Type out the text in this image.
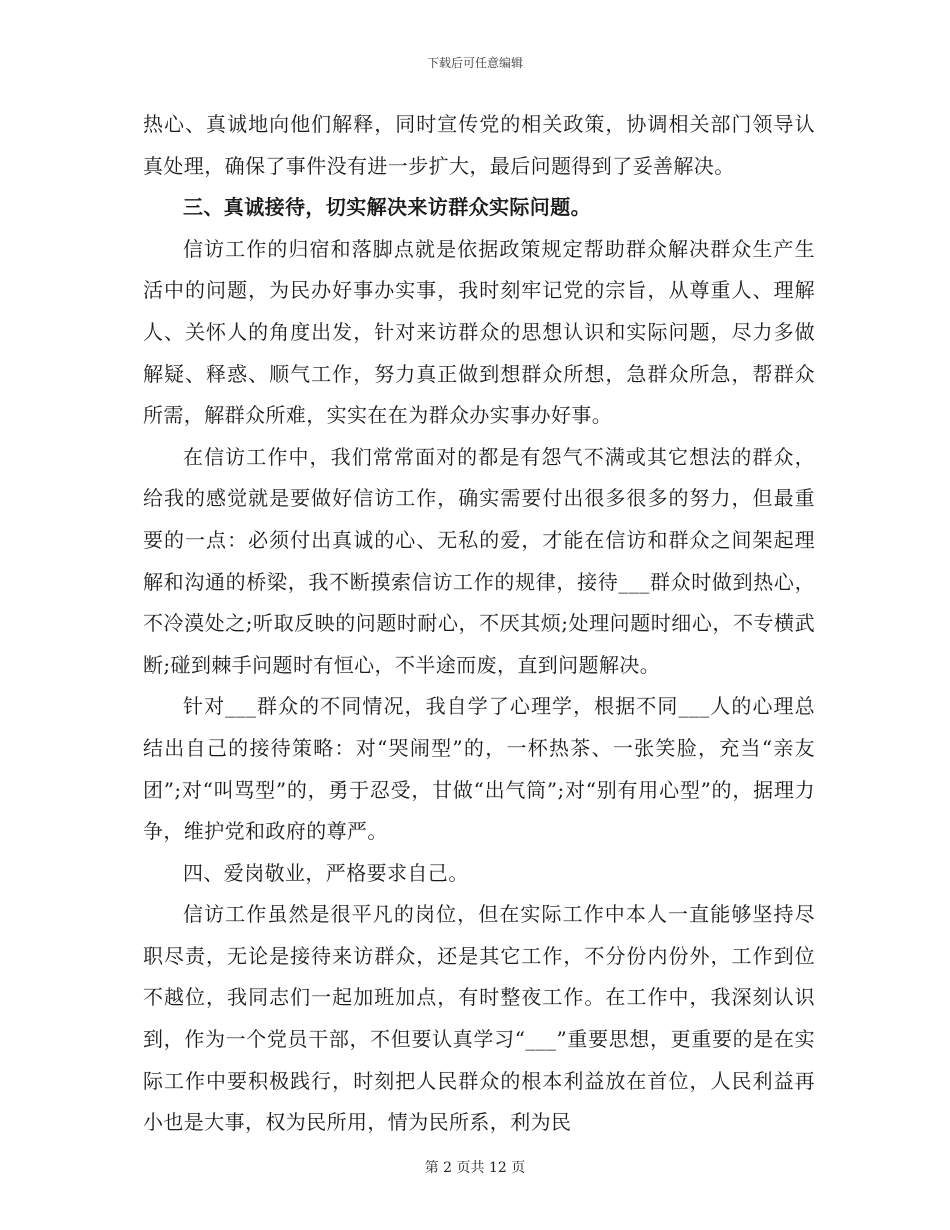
下载后可任意编辑

热心、真诚地向他们解释，同时宣传党的相关政策，协调相关部门领导认真处理，确保了事件没有进一步扩大，最后问题得到了妥善解决。

三、真诚接待，切实解决来访群众实际问题。

信访工作的归宿和落脚点就是依据政策规定帮助群众解决群众生产生活中的问题，为民办好事办实事，我时刻牢记党的宗旨，从尊重人、理解人、关怀人的角度出发，针对来访群众的思想认识和实际问题，尽力多做解疑、释惑、顺气工作，努力真正做到想群众所想，急群众所急，帮群众所需，解群众所难，实实在在为群众办实事办好事。

在信访工作中，我们常常面对的都是有怨气不满或其它想法的群众，给我的感觉就是要做好信访工作，确实需要付出很多很多的努力，但最重要的一点：必须付出真诚的心、无私的爱，才能在信访和群众之间架起理解和沟通的桥梁，我不断摸索信访工作的规律，接待___群众时做到热心，不冷漠处之;听取反映的问题时耐心，不厌其烦;处理问题时细心，不专横武断;碰到棘手问题时有恒心，不半途而废，直到问题解决。

针对___群众的不同情况，我自学了心理学，根据不同___人的心理总结出自己的接待策略：对“哭闹型”的，一杯热茶、一张笑脸，充当“亲友团”;对“叫骂型”的，勇于忍受，甘做“出气筒”;对“别有用心型”的，据理力争，维护党和政府的尊严。

四、爱岗敬业，严格要求自己。

信访工作虽然是很平凡的岗位，但在实际工作中本人一直能够坚持尽职尽责，无论是接待来访群众，还是其它工作，不分份内份外，工作到位不越位，我同志们一起加班加点，有时整夜工作。在工作中，我深刻认识到，作为一个党员干部，不但要认真学习“___”重要思想，更重要的是在实际工作中要积极践行，时刻把人民群众的根本利益放在首位，人民利益再小也是大事，权为民所用，情为民所系，利为民

第 2 页共 12 页
